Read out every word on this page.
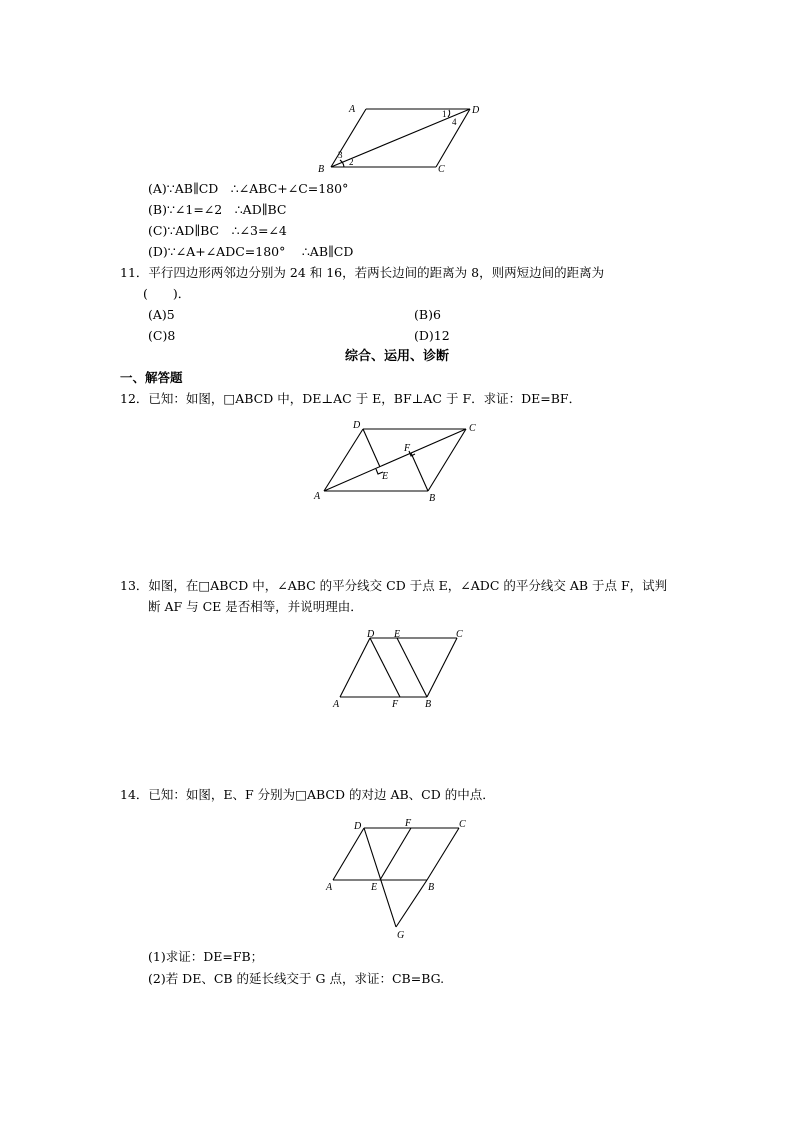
A	D
B	C
1
4
3
2
(A)∵AB∥CD　∴∠ABC+∠C=180°
(B)∵∠1=∠2　∴AD∥BC
(C)∵AD∥BC　∴∠3=∠4
(D)∵∠A+∠ADC=180°　 ∴AB∥CD
11．平行四边形两邻边分别为 24 和 16，若两长边间的距离为 8，则两短边间的距离为
(　　)．
(A)5	(B)6
(C)8	(D)12
综合、运用、诊断
一、解答题
12．已知：如图，□ABCD 中，DE⊥AC 于 E，BF⊥AC 于 F．求证：DE=BF．
D	C
A	B
E
F
13．如图，在□ABCD 中，∠ABC 的平分线交 CD 于点 E，∠ADC 的平分线交 AB 于点 F，试判
断 AF 与 CE 是否相等，并说明理由．
D E	C
A	F	B
14．已知：如图，E、F 分别为□ABCD 的对边 AB、CD 的中点．
D	F	C
A	E	B
G
(1)求证：DE=FB；
(2)若 DE、CB 的延长线交于 G 点，求证：CB=BG.
